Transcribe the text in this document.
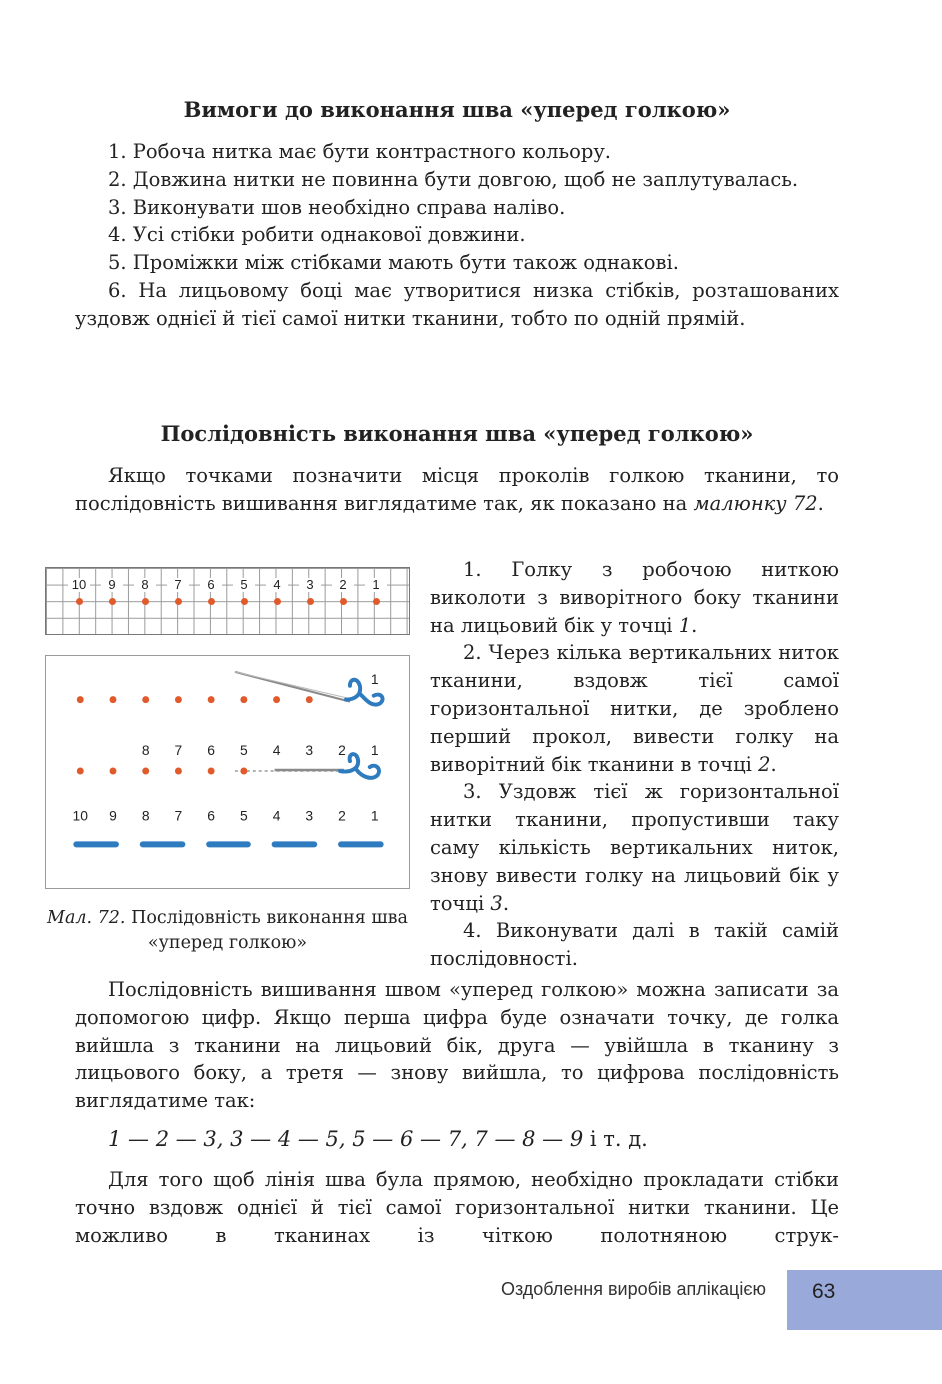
Вимоги до виконання шва «уперед голкою»

1. Робоча нитка має бути контрастного кольору.

2. Довжина нитки не повинна бути довгою, щоб не заплутувалась.

3. Виконувати шов необхідно справа наліво.

4. Усі стібки робити однакової довжини.

5. Проміжки між стібками мають бути також однакові.

6. На лицьовому боці має утворитися низка стібків, розташованих уздовж однієї й тієї самої нитки тканини, тобто по одній прямій.

Послідовність виконання шва «уперед голкою»

Якщо точками позначити місця проколів голкою тканини, то послідовність вишивання виглядатиме так, як показано на малюнку 72.

10	9	8	7	6	5	4	3	2	1
1
8 7 6 5 4 3 2 1
10 9 8 7 6 5 4 3 2 1

Мал. 72. Послідовність виконання шва «уперед голкою»

1. Голку з робочою ниткою виколоти з виворітного боку тканини на лицьовий бік у точці 1.

2. Через кілька вертикальних ниток тканини, вздовж тієї самої горизонтальної нитки, де зроблено перший прокол, вивести голку на виворітний бік тканини в точці 2.

3. Уздовж тієї ж горизонтальної нитки тканини, пропустивши таку саму кількість вертикальних ниток, знову вивести голку на лицьовий бік у точці 3.

4. Виконувати далі в такій самій послідовності.

Послідовність вишивання швом «уперед голкою» можна записати за допомогою цифр. Якщо перша цифра буде означати точку, де голка вийшла з тканини на лицьовий бік, друга — увійшла в тканину з лицьового боку, а третя — знову вийшла, то цифрова послідовність виглядатиме так:

1 — 2 — 3, 3 — 4 — 5, 5 — 6 — 7, 7 — 8 — 9 і т. д.

Для того щоб лінія шва була прямою, необхідно прокладати стібки точно вздовж однієї й тієї самої горизонтальної нитки тканини. Це можливо в тканинах із чіткою полотняною струк-

Оздоблення виробів аплікацією	63
